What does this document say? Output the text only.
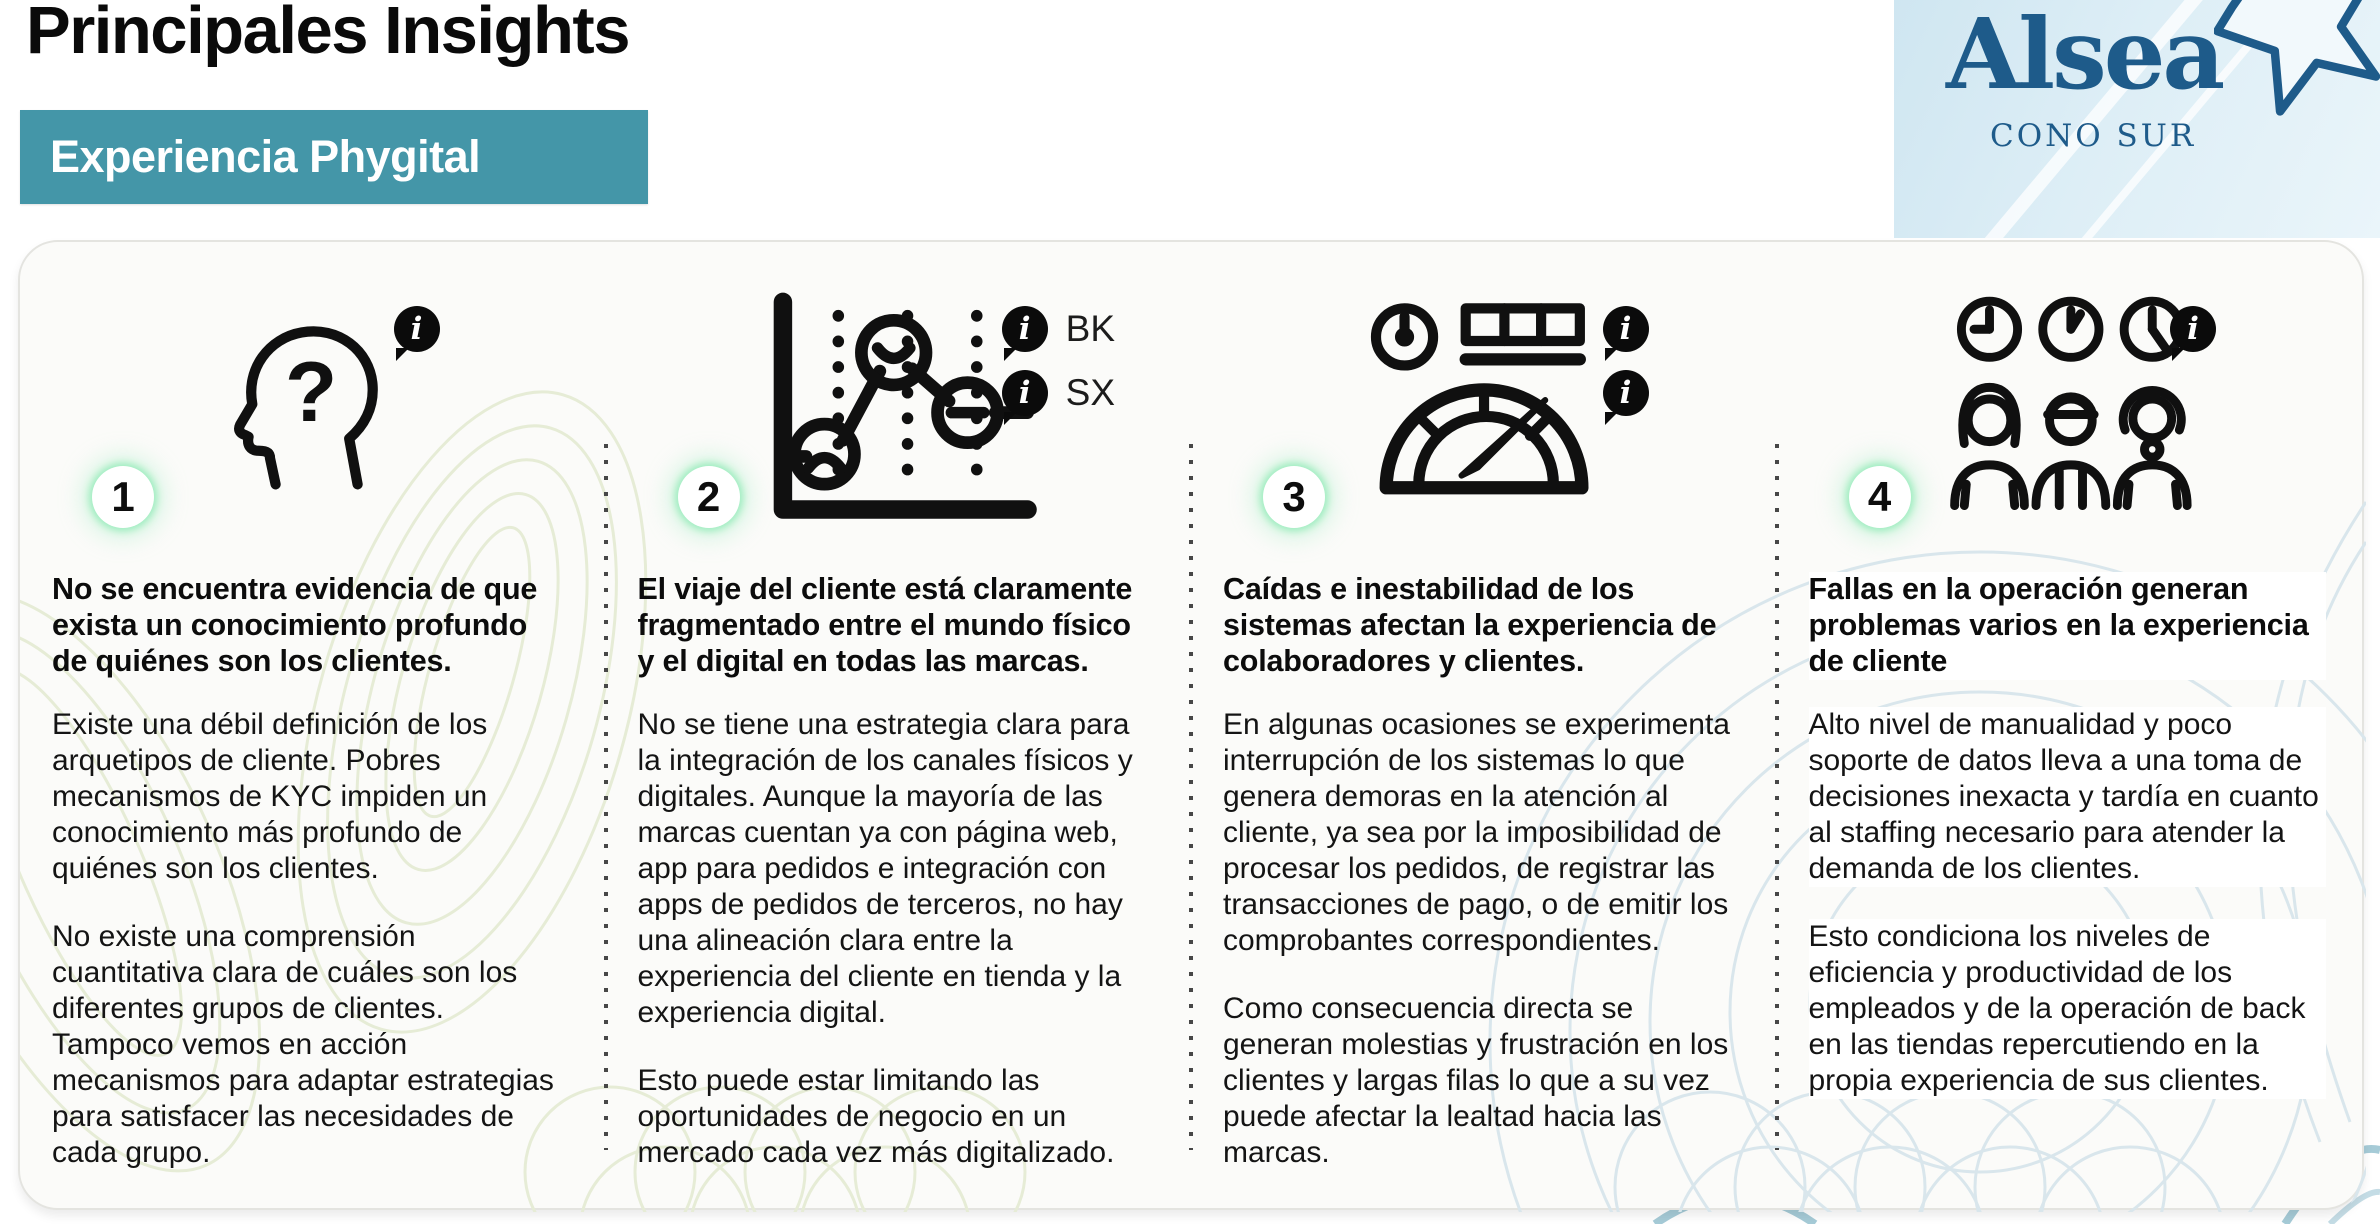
Principales Insights
Experiencia Phygital
Alsea
CONO SUR
1
?
i
No se encuentra evidencia de que exista un conocimiento profundo de quiénes son los clientes.

Existe una débil definición de los arquetipos de cliente. Pobres mecanismos de KYC impiden un conocimiento más profundo de quiénes son los clientes.

No existe una comprensión cuantitativa clara de cuáles son los diferentes grupos de clientes. Tampoco vemos en acción mecanismos para adaptar estrategias para satisfacer las necesidades de cada grupo.

2
i BK
i SX
El viaje del cliente está claramente fragmentado entre el mundo físico y el digital en todas las marcas.

No se tiene una estrategia clara para la integración de los canales físicos y digitales. Aunque la mayoría de las marcas cuentan ya con página web, app para pedidos e integración con apps de pedidos de terceros, no hay una alineación clara entre la experiencia del cliente en tienda y la experiencia digital.

Esto puede estar limitando las oportunidades de negocio en un mercado cada vez más digitalizado.

3
i
i
Caídas e inestabilidad de los sistemas afectan la experiencia de colaboradores y clientes.

En algunas ocasiones se experimenta interrupción de los sistemas lo que genera demoras en la atención al cliente, ya sea por la imposibilidad de procesar los pedidos, de registrar las transacciones de pago, o de emitir los comprobantes correspondientes.

Como consecuencia directa se generan molestias y frustración en los clientes y largas filas lo que a su vez puede afectar la lealtad hacia las marcas.

4
i
Fallas en la operación generan problemas varios en la experiencia de cliente

Alto nivel de manualidad y poco soporte de datos lleva a una toma de decisiones inexacta y tardía en cuanto al staffing necesario para atender la demanda de los clientes.

Esto condiciona los niveles de eficiencia y productividad de los empleados y de la operación de back en las tiendas repercutiendo en la propia experiencia de sus clientes.
